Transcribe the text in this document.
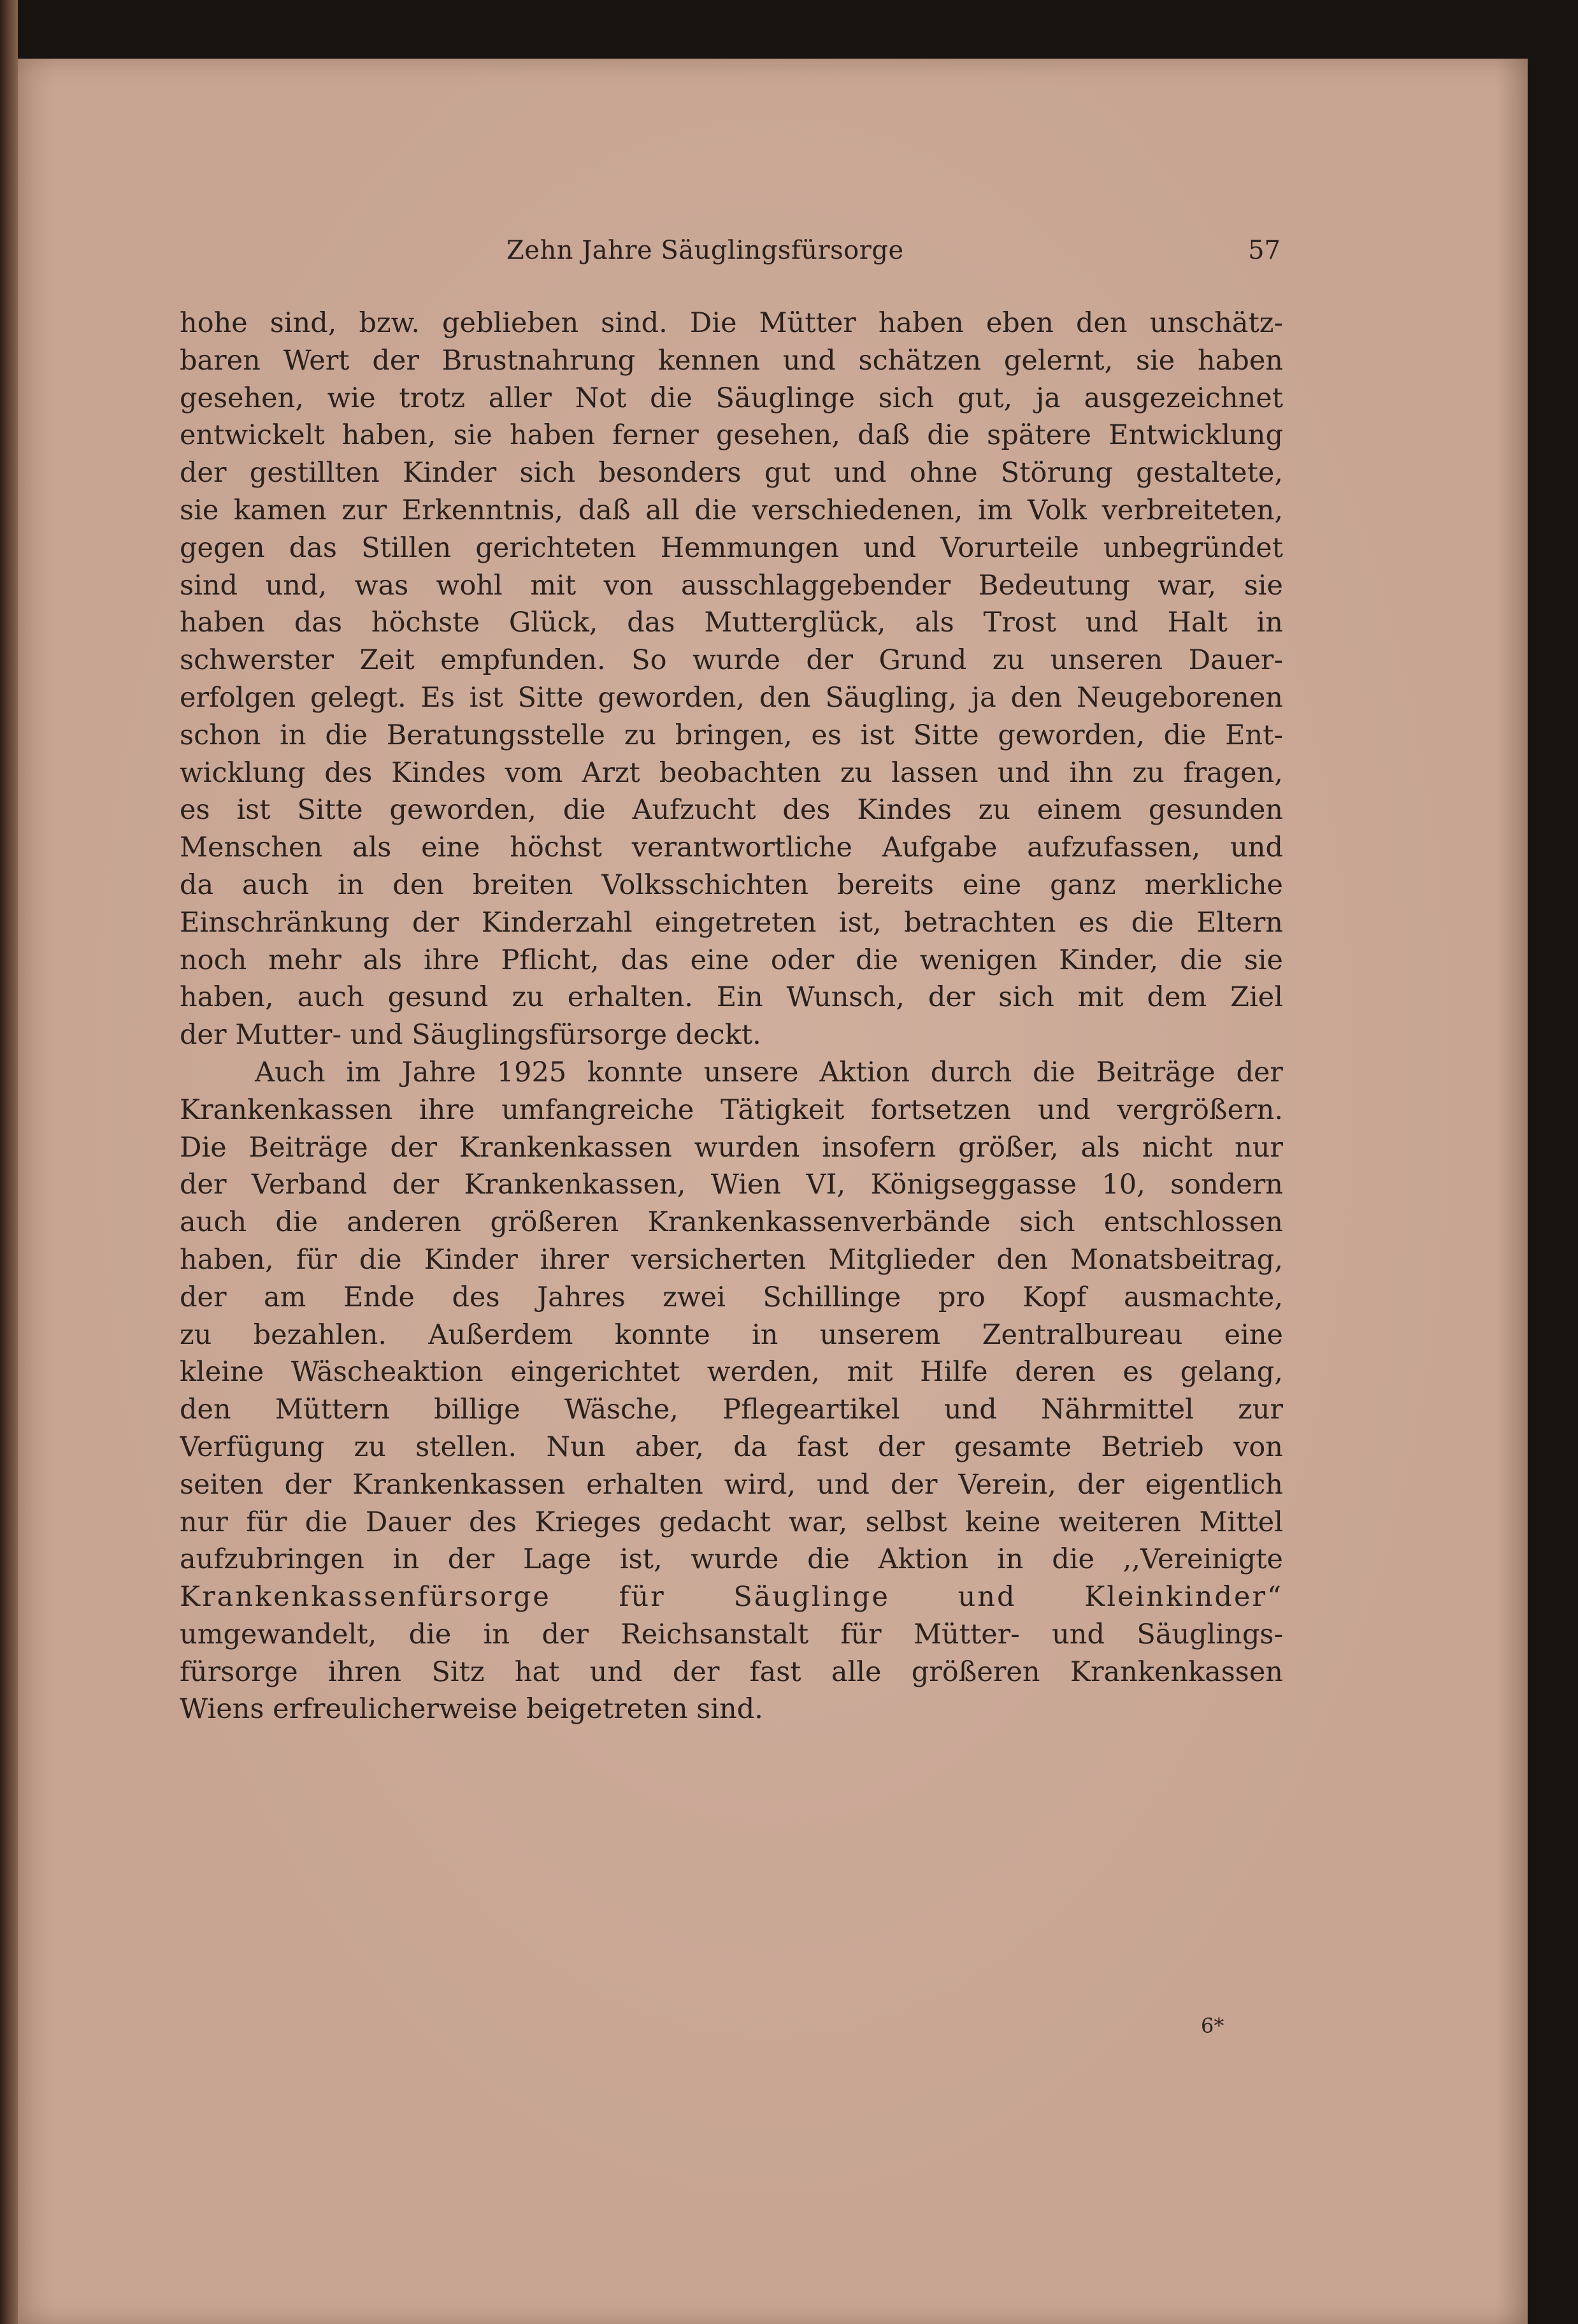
Zehn Jahre Säuglingsfürsorge	57
hohe sind, bzw. geblieben sind. Die Mütter haben eben den unschätz-
baren Wert der Brustnahrung kennen und schätzen gelernt, sie haben
gesehen, wie trotz aller Not die Säuglinge sich gut, ja ausgezeichnet
entwickelt haben, sie haben ferner gesehen, daß die spätere Entwicklung
der gestillten Kinder sich besonders gut und ohne Störung gestaltete,
sie kamen zur Erkenntnis, daß all die verschiedenen, im Volk verbreiteten,
gegen das Stillen gerichteten Hemmungen und Vorurteile unbegründet
sind und, was wohl mit von ausschlaggebender Bedeutung war, sie
haben das höchste Glück, das Mutterglück, als Trost und Halt in
schwerster Zeit empfunden. So wurde der Grund zu unseren Dauer-
erfolgen gelegt. Es ist Sitte geworden, den Säugling, ja den Neugeborenen
schon in die Beratungsstelle zu bringen, es ist Sitte geworden, die Ent-
wicklung des Kindes vom Arzt beobachten zu lassen und ihn zu fragen,
es ist Sitte geworden, die Aufzucht des Kindes zu einem gesunden
Menschen als eine höchst verantwortliche Aufgabe aufzufassen, und
da auch in den breiten Volksschichten bereits eine ganz merkliche
Einschränkung der Kinderzahl eingetreten ist, betrachten es die Eltern
noch mehr als ihre Pflicht, das eine oder die wenigen Kinder, die sie
haben, auch gesund zu erhalten. Ein Wunsch, der sich mit dem Ziel
der Mutter- und Säuglingsfürsorge deckt.
Auch im Jahre 1925 konnte unsere Aktion durch die Beiträge der
Krankenkassen ihre umfangreiche Tätigkeit fortsetzen und vergrößern.
Die Beiträge der Krankenkassen wurden insofern größer, als nicht nur
der Verband der Krankenkassen, Wien VI, Königseggasse 10, sondern
auch die anderen größeren Krankenkassenverbände sich entschlossen
haben, für die Kinder ihrer versicherten Mitglieder den Monatsbeitrag,
der am Ende des Jahres zwei Schillinge pro Kopf ausmachte,
zu bezahlen. Außerdem konnte in unserem Zentralbureau eine
kleine Wäscheaktion eingerichtet werden, mit Hilfe deren es gelang,
den Müttern billige Wäsche, Pflegeartikel und Nährmittel zur
Verfügung zu stellen. Nun aber, da fast der gesamte Betrieb von
seiten der Krankenkassen erhalten wird, und der Verein, der eigentlich
nur für die Dauer des Krieges gedacht war, selbst keine weiteren Mittel
aufzubringen in der Lage ist, wurde die Aktion in die ,,Vereinigte
Krankenkassenfürsorge für Säuglinge und Kleinkinder“
umgewandelt, die in der Reichsanstalt für Mütter- und Säuglings-
fürsorge ihren Sitz hat und der fast alle größeren Krankenkassen
Wiens erfreulicherweise beigetreten sind.
6*
